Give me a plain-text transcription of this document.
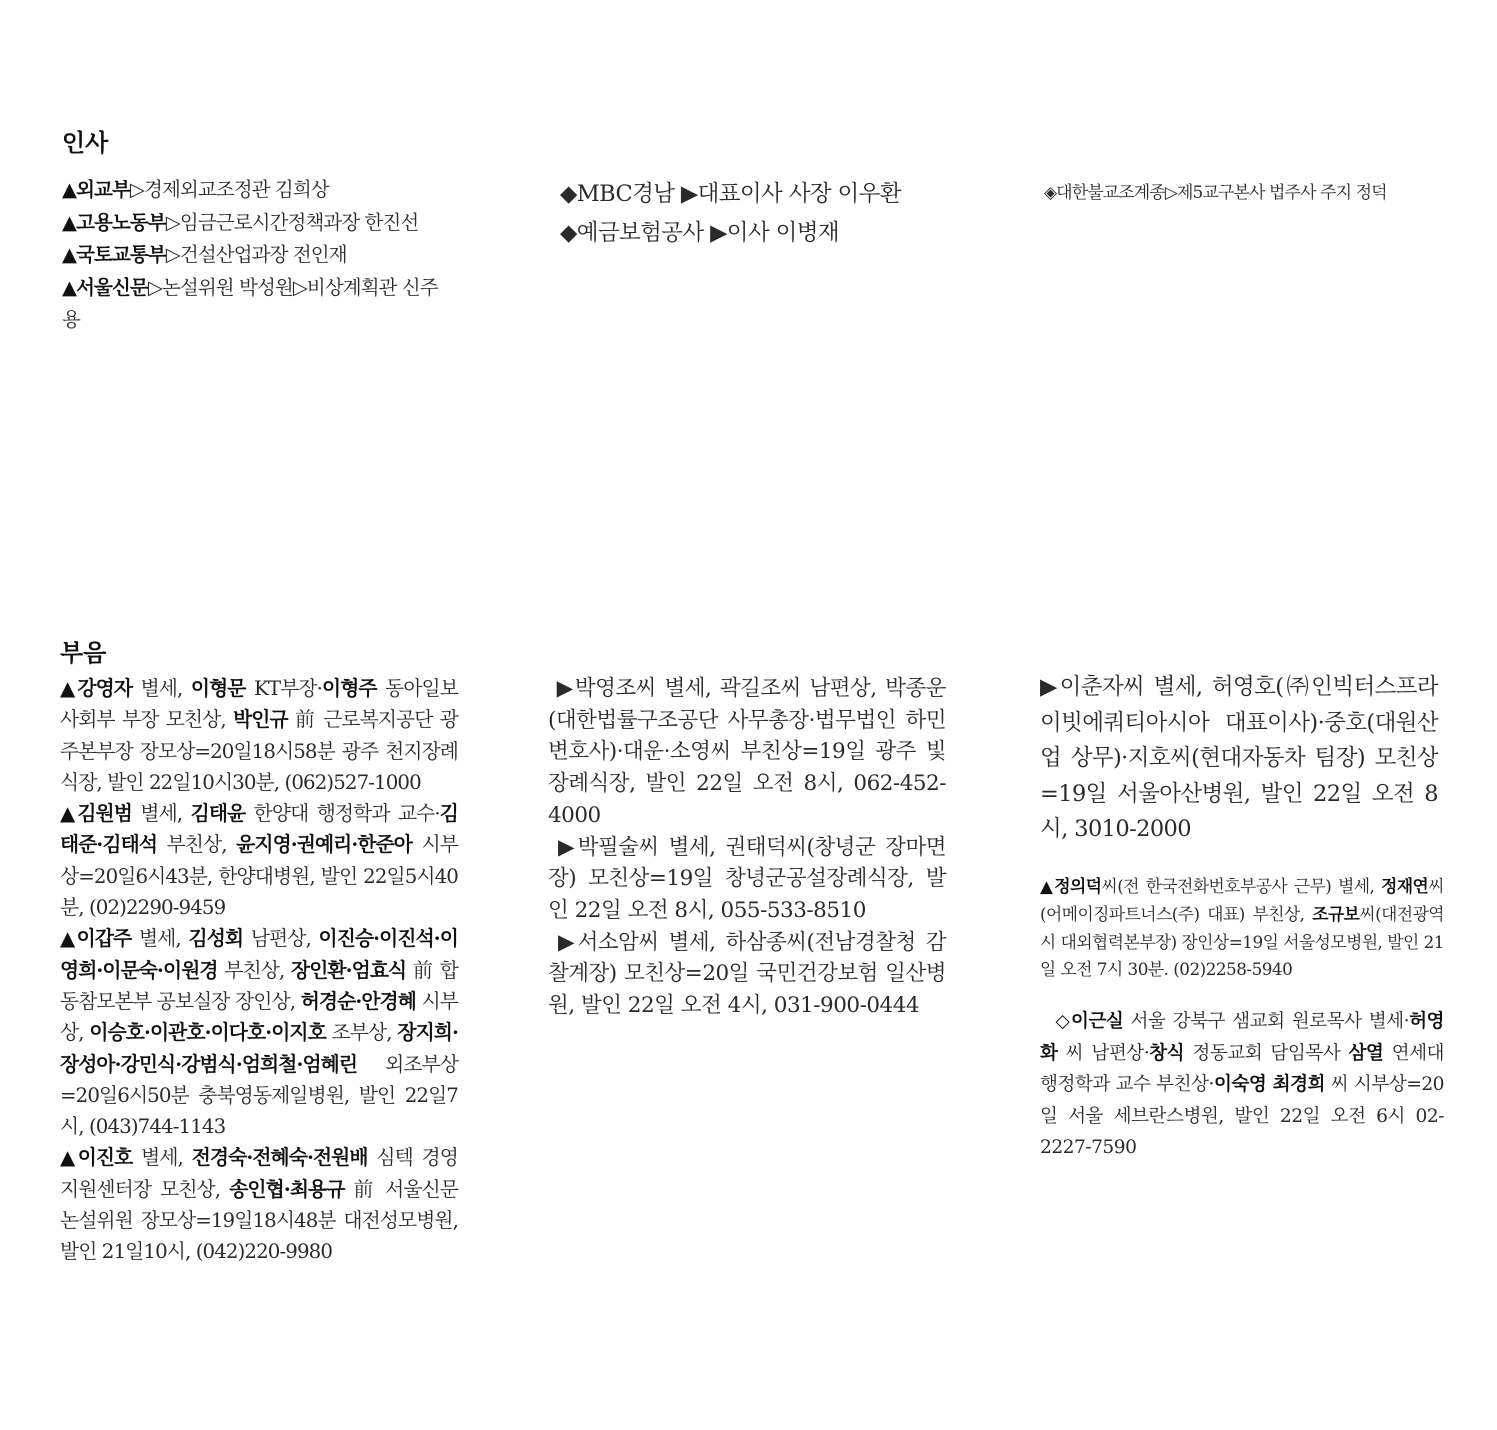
인사

▲외교부▷경제외교조정관 김희상

▲고용노동부▷임금근로시간정책과장 한진선

▲국토교통부▷건설산업과장 전인재

▲서울신문▷논설위원 박성원▷비상계획관 신주용

◆MBC경남 ▶대표이사 사장 이우환

◆예금보험공사 ▶이사 이병재

◈대한불교조계종▷제5교구본사 법주사 주지 정덕

부음

▲강영자 별세, 이형문 KT부장·이형주 동아일보 사회부 부장 모친상, 박인규 前 근로복지공단 광주본부장 장모상=20일18시58분 광주 천지장례식장, 발인 22일10시30분, (062)527-1000

▲김원범 별세, 김태윤 한양대 행정학과 교수·김태준·김태석 부친상, 윤지영·권예리·한준아 시부상=20일6시43분, 한양대병원, 발인 22일5시40분, (02)2290-9459

▲이갑주 별세, 김성회 남편상, 이진승·이진석·이영희·이문숙·이원경 부친상, 장인환·엄효식 前 합동참모본부 공보실장 장인상, 허경순·안경혜 시부상, 이승호·이관호·이다호·이지호 조부상, 장지희·장성아·강민식·강범식·엄희철·엄혜린 외조부상=20일6시50분 충북영동제일병원, 발인 22일7시, (043)744-1143

▲이진호 별세, 전경숙·전혜숙·전원배 심텍 경영지원센터장 모친상, 송인협·최용규 前 서울신문 논설위원 장모상=19일18시48분 대전성모병원, 발인 21일10시, (042)220-9980

▶박영조씨 별세, 곽길조씨 남편상, 박종운(대한법률구조공단 사무총장·법무법인 하민 변호사)·대운·소영씨 부친상=19일 광주 빛장례식장, 발인 22일 오전 8시, 062-452-4000

▶박필술씨 별세, 권태덕씨(창녕군 장마면장) 모친상=19일 창녕군공설장례식장, 발인 22일 오전 8시, 055-533-8510

▶서소암씨 별세, 하삼종씨(전남경찰청 감찰계장) 모친상=20일 국민건강보험 일산병원, 발인 22일 오전 4시, 031-900-0444

▶이춘자씨 별세, 허영호(㈜인빅터스프라이빗에쿼티아시아 대표이사)·중호(대원산업 상무)·지호씨(현대자동차 팀장) 모친상=19일 서울아산병원, 발인 22일 오전 8시, 3010-2000

▲정의덕씨(전 한국전화번호부공사 근무) 별세, 정재연씨(어메이징파트너스(주) 대표) 부친상, 조규보씨(대전광역시 대외협력본부장) 장인상=19일 서울성모병원, 발인 21일 오전 7시 30분. (02)2258-5940

◇이근실 서울 강북구 샘교회 원로목사 별세·허영화 씨 남편상·창식 정동교회 담임목사 삼열 연세대 행정학과 교수 부친상·이숙영 최경희 씨 시부상=20일 서울 세브란스병원, 발인 22일 오전 6시 02-2227-7590
